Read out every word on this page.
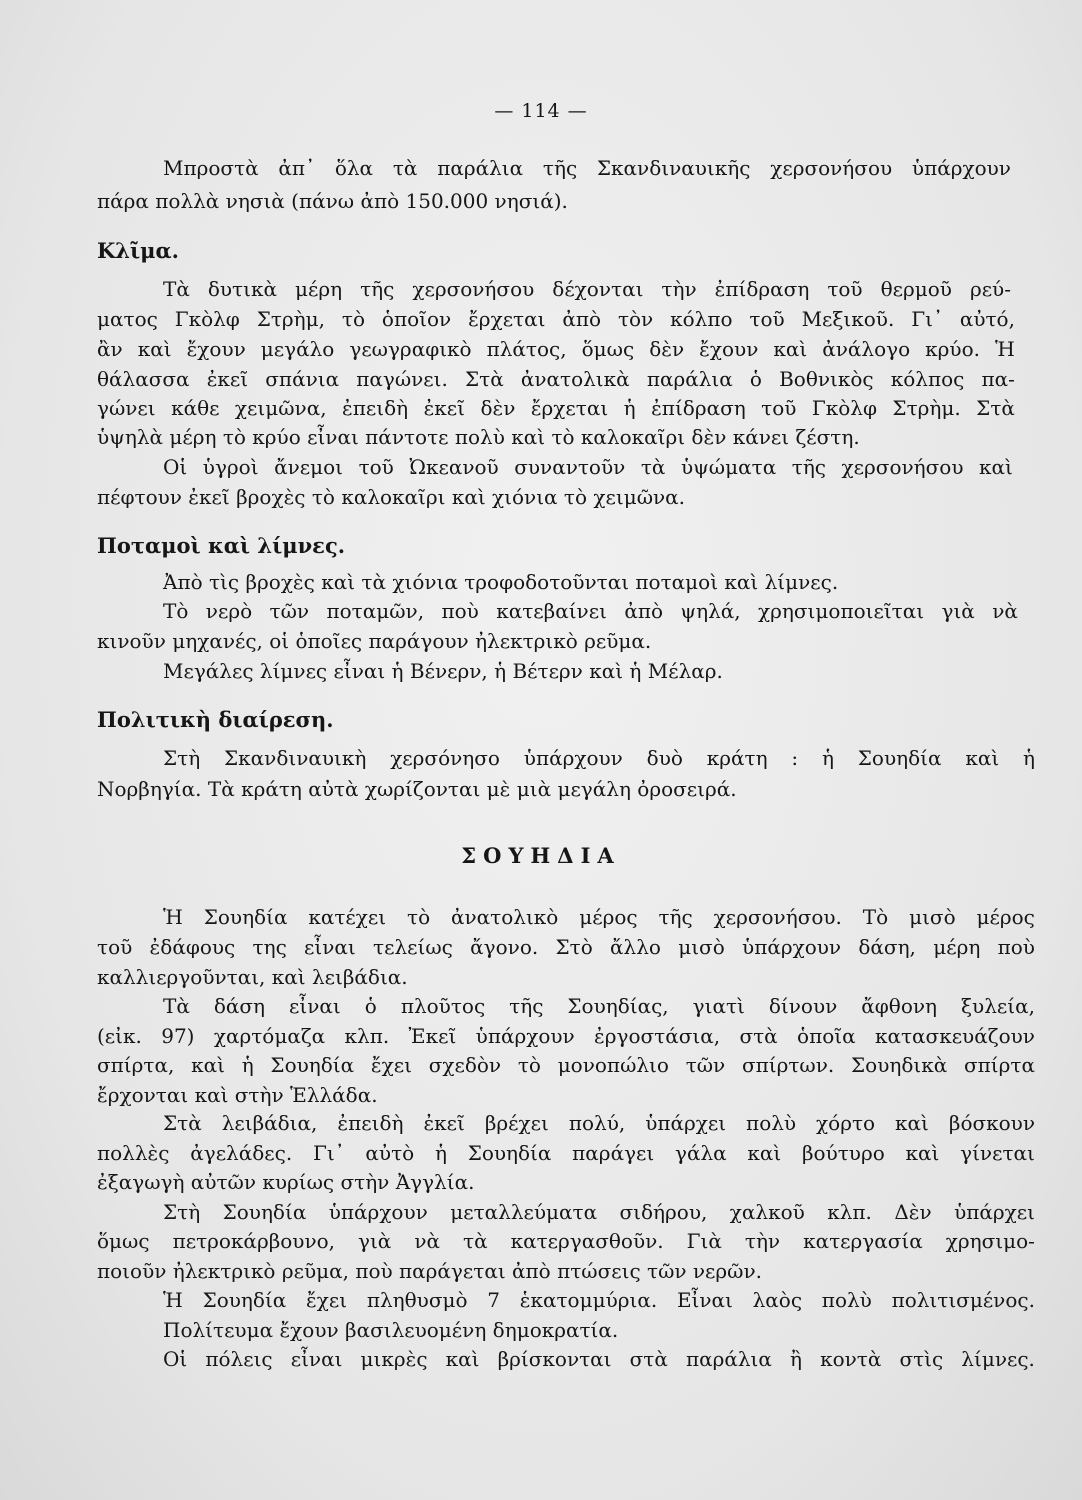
— 114 —
Μπροστὰ ἀπ᾽ ὅλα τὰ παράλια τῆς Σκανδιναυικῆς χερσονήσου ὑπάρχουν
πάρα πολλὰ νησιὰ (πάνω ἀπὸ 150.000 νησιά).
Κλῖμα.
Τὰ δυτικὰ μέρη τῆς χερσονήσου δέχονται τὴν ἐπίδραση τοῦ θερμοῦ ρεύ-
ματος Γκὸλφ Στρὴμ, τὸ ὁποῖον ἔρχεται ἀπὸ τὸν κόλπο τοῦ Μεξικοῦ. Γι᾽ αὐτό,
ἂν καὶ ἔχουν μεγάλο γεωγραφικὸ πλάτος, ὅμως δὲν ἔχουν καὶ ἀνάλογο κρύο. Ἡ
θάλασσα ἐκεῖ σπάνια παγώνει. Στὰ ἀνατολικὰ παράλια ὁ Βοθνικὸς κόλπος πα-
γώνει κάθε χειμῶνα, ἐπειδὴ ἐκεῖ δὲν ἔρχεται ἡ ἐπίδραση τοῦ Γκὸλφ Στρὴμ. Στὰ
ὑψηλὰ μέρη τὸ κρύο εἶναι πάντοτε πολὺ καὶ τὸ καλοκαῖρι δὲν κάνει ζέστη.
Οἱ ὑγροὶ ἄνεμοι τοῦ Ὠκεανοῦ συναντοῦν τὰ ὑψώματα τῆς χερσονήσου καὶ
πέφτουν ἐκεῖ βροχὲς τὸ καλοκαῖρι καὶ χιόνια τὸ χειμῶνα.
Ποταμοὶ καὶ λίμνες.
Ἀπὸ τὶς βροχὲς καὶ τὰ χιόνια τροφοδοτοῦνται ποταμοὶ καὶ λίμνες.
Τὸ νερὸ τῶν ποταμῶν, ποὺ κατεβαίνει ἀπὸ ψηλά, χρησιμοποιεῖται γιὰ νὰ
κινοῦν μηχανές, οἱ ὁποῖες παράγουν ἠλεκτρικὸ ρεῦμα.
Μεγάλες λίμνες εἶναι ἡ Βένερν, ἡ Βέτερν καὶ ἡ Μέλαρ.
Πολιτικὴ διαίρεση.
Στὴ Σκανδιναυικὴ χερσόνησο ὑπάρχουν δυὸ κράτη : ἡ Σουηδία καὶ ἡ
Νορβηγία. Τὰ κράτη αὐτὰ χωρίζονται μὲ μιὰ μεγάλη ὀροσειρά.
ΣΟΥΗΔΙΑ
Ἡ Σουηδία κατέχει τὸ ἀνατολικὸ μέρος τῆς χερσονήσου. Τὸ μισὸ μέρος
τοῦ ἐδάφους της εἶναι τελείως ἄγονο. Στὸ ἄλλο μισὸ ὑπάρχουν δάση, μέρη ποὺ
καλλιεργοῦνται, καὶ λειβάδια.
Τὰ δάση εἶναι ὁ πλοῦτος τῆς Σουηδίας, γιατὶ δίνουν ἄφθονη ξυλεία,
(εἰκ. 97) χαρτόμαζα κλπ. Ἐκεῖ ὑπάρχουν ἐργοστάσια, στὰ ὁποῖα κατασκευάζουν
σπίρτα, καὶ ἡ Σουηδία ἔχει σχεδὸν τὸ μονοπώλιο τῶν σπίρτων. Σουηδικὰ σπίρτα
ἔρχονται καὶ στὴν Ἑλλάδα.
Στὰ λειβάδια, ἐπειδὴ ἐκεῖ βρέχει πολύ, ὑπάρχει πολὺ χόρτο καὶ βόσκουν
πολλὲς ἀγελάδες. Γι᾽ αὐτὸ ἡ Σουηδία παράγει γάλα καὶ βούτυρο καὶ γίνεται
ἐξαγωγὴ αὐτῶν κυρίως στὴν Ἀγγλία.
Στὴ Σουηδία ὑπάρχουν μεταλλεύματα σιδήρου, χαλκοῦ κλπ. Δὲν ὑπάρχει
ὅμως πετροκάρβουνο, γιὰ νὰ τὰ κατεργασθοῦν. Γιὰ τὴν κατεργασία χρησιμο-
ποιοῦν ἠλεκτρικὸ ρεῦμα, ποὺ παράγεται ἀπὸ πτώσεις τῶν νερῶν.
Ἡ Σουηδία ἔχει πληθυσμὸ 7 ἑκατομμύρια. Εἶναι λαὸς πολὺ πολιτισμένος.
Πολίτευμα ἔχουν βασιλευομένη δημοκρατία.
Οἱ πόλεις εἶναι μικρὲς καὶ βρίσκονται στὰ παράλια ἢ κοντὰ στὶς λίμνες.
